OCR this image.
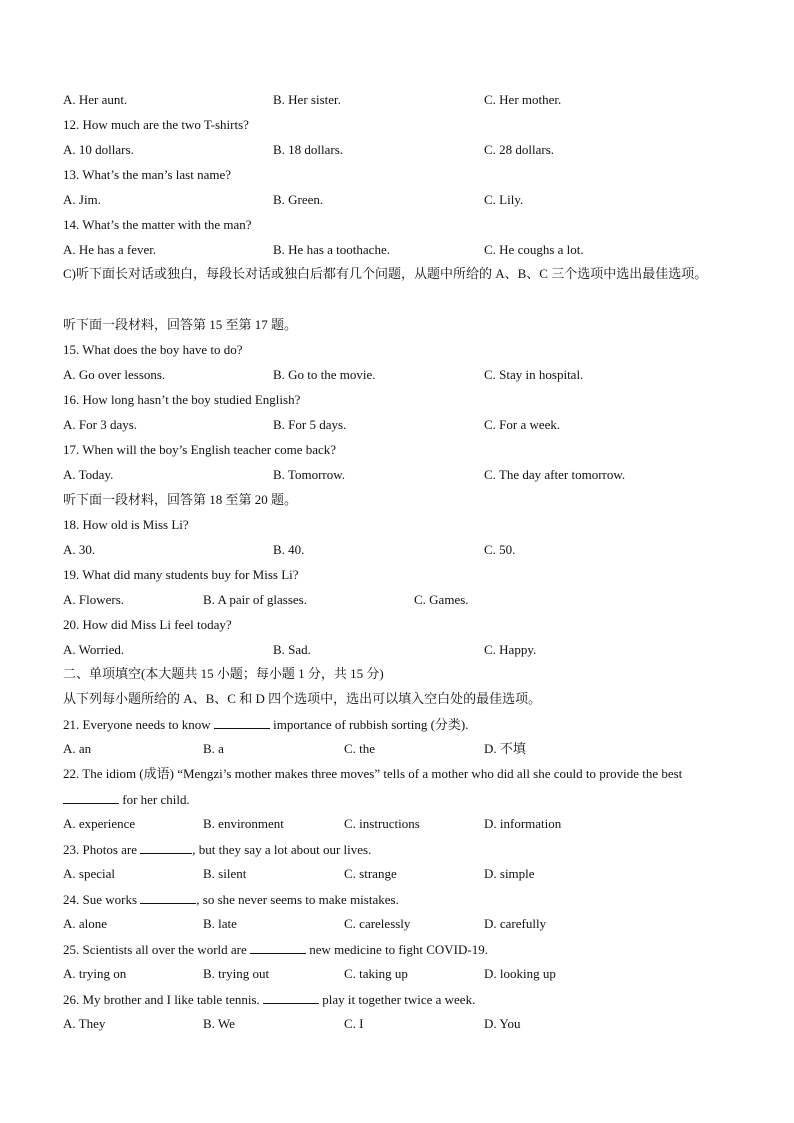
A. Her aunt.	B. Her sister.	C. Her mother.
12. How much are the two T-shirts?
A. 10 dollars.	B. 18 dollars.	C. 28 dollars.
13. What’s the man’s last name?
A. Jim.	B. Green.	C. Lily.
14. What’s the matter with the man?
A. He has a fever.	B. He has a toothache.	C. He coughs a lot.
C)听下面长对话或独白，每段长对话或独白后都有几个问题，从题中所给的 A、B、C 三个选项中选出最佳选项。
听下面一段材料，回答第 15 至第 17 题。
15. What does the boy have to do?
A. Go over lessons.	B. Go to the movie.	C. Stay in hospital.
16. How long hasn’t the boy studied English?
A. For 3 days.	B. For 5 days.	C. For a week.
17. When will the boy’s English teacher come back?
A. Today.	B. Tomorrow.	C. The day after tomorrow.
听下面一段材料，回答第 18 至第 20 题。
18. How old is Miss Li?
A. 30.	B. 40.	C. 50.
19. What did many students buy for Miss Li?
A. Flowers.	B. A pair of glasses.	C. Games.
20. How did Miss Li feel today?
A. Worried.	B. Sad.	C. Happy.
二、单项填空(本大题共 15 小题；每小题 1 分，共 15 分)
从下列每小题所给的 A、B、C 和 D 四个选项中，选出可以填入空白处的最佳选项。
21. Everyone needs to know	importance of rubbish sorting (分类).
A. an	B. a	C. the	D. 不填
22. The idiom (成语) “Mengzi’s mother makes three moves” tells of a mother who did all she could to provide the best
for her child.
A. experience	B. environment	C. instructions	D. information
23. Photos are	, but they say a lot about our lives.
A. special	B. silent	C. strange	D. simple
24. Sue works	, so she never seems to make mistakes.
A. alone	B. late	C. carelessly	D. carefully
25. Scientists all over the world are	new medicine to fight COVID-19.
A. trying on	B. trying out	C. taking up	D. looking up
26. My brother and I like table tennis.	play it together twice a week.
A. They	B. We	C. I	D. You
